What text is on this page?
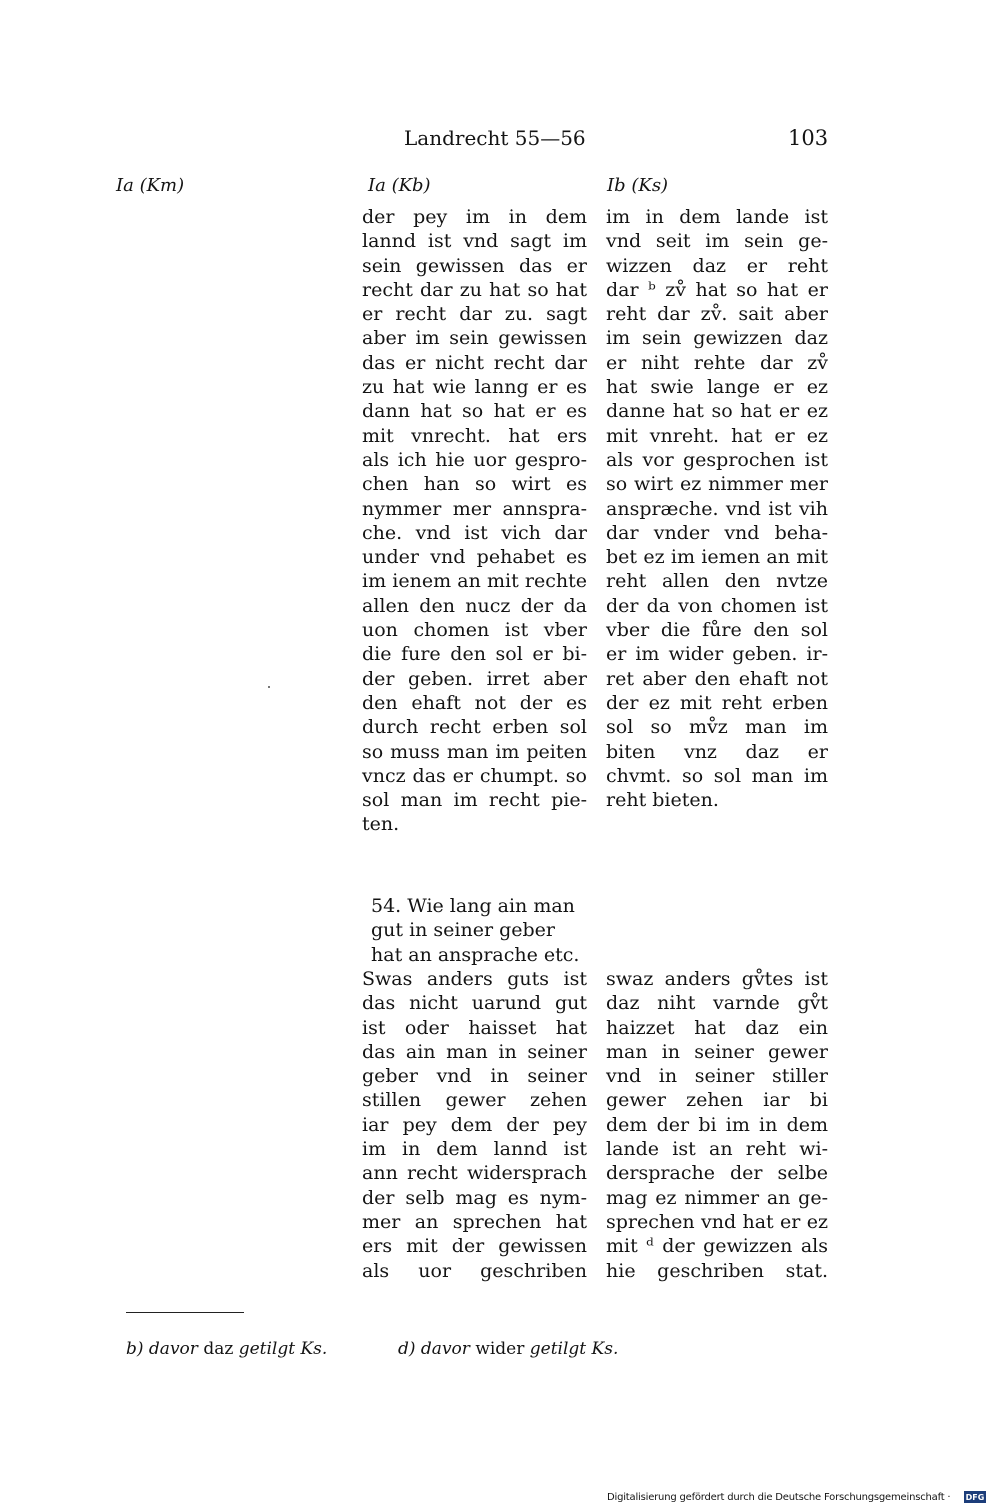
Landrecht 55—56	103
Ia (Km)	Ia (Kb)	Ib (Ks)
der pey im in dem
lannd ist vnd sagt im
sein gewissen das er
recht dar zu hat so hat
er recht dar zu. sagt
aber im sein gewissen
das er nicht recht dar
zu hat wie lanng er es
dann hat so hat er es
mit vnrecht. hat ers
als ich hie uor gespro-
chen han so wirt es
nymmer mer annspra-
che. vnd ist vich dar
under vnd pehabet es
im ienem an mit rechte
allen den nucz der da
uon chomen ist vber
die fure den sol er bi-
der geben. irret aber
den ehaft not der es
durch recht erben sol
so muss man im peiten
vncz das er chumpt. so
sol man im recht pie-
ten.
im in dem lande ist
vnd seit im sein ge-
wizzen daz er reht
dar ᵇ zv̊ hat so hat er
reht dar zv̊. sait aber
im sein gewizzen daz
er niht rehte dar zv̊
hat swie lange er ez
danne hat so hat er ez
mit vnreht. hat er ez
als vor gesprochen ist
so wirt ez nimmer mer
ansprӕche. vnd ist vih
dar vnder vnd beha-
bet ez im iemen an mit
reht allen den nvtze
der da von chomen ist
vber die fůre den sol
er im wider geben. ir-
ret aber den ehaft not
der ez mit reht erben
sol so mv̊z man im
biten vnz daz er
chvmt. so sol man im
reht bieten.
54. Wie lang ain man
gut in seiner geber
hat an ansprache etc.
Swas anders guts ist
das nicht uarund gut
ist oder haisset hat
das ain man in seiner
geber vnd in seiner
stillen gewer zehen
iar pey dem der pey
im in dem lannd ist
ann recht widersprach
der selb mag es nym-
mer an sprechen hat
ers mit der gewissen
als uor geschriben
swaz anders gv̊tes ist
daz niht varnde gv̊t
haizzet hat daz ein
man in seiner gewer
vnd in seiner stiller
gewer zehen iar bi
dem der bi im in dem
lande ist an reht wi-
dersprache der selbe
mag ez nimmer an ge-
sprechen vnd hat er ez
mit ᵈ der gewizzen als
hie geschriben stat.
b) davor daz getilgt Ks.	d) davor wider getilgt Ks.
Digitalisierung gefördert durch die Deutsche Forschungsgemeinschaft · DFG
